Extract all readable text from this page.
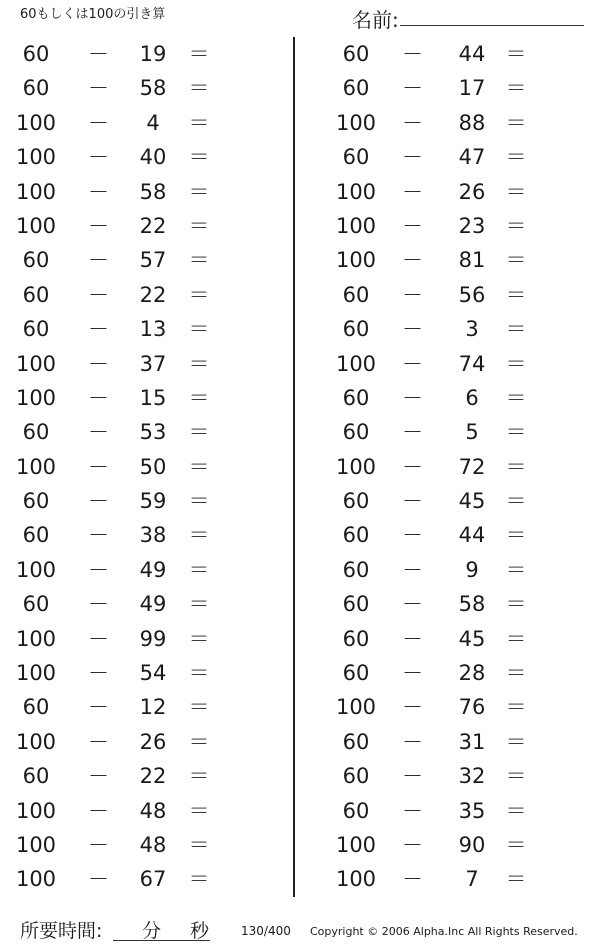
60もしくは100の引き算	名前:
60	－	19	＝
60	－	58	＝
100 －	4	＝
100 －	40	＝
100 －	58	＝
100 －	22	＝
60	－	57	＝
60	－	22	＝
60	－	13	＝
100 －	37	＝
100 －	15	＝
60	－	53	＝
100 －	50	＝
60	－	59	＝
60	－	38	＝
100 －	49	＝
60	－	49	＝
100 －	99	＝
100 －	54	＝
60	－	12	＝
100 －	26	＝
60	－	22	＝
100 －	48	＝
100 －	48	＝
100 －	67	＝
60	－	44 ＝
60	－	17 ＝
100 －	88 ＝
60	－	47 ＝
100 －	26 ＝
100 －	23 ＝
100 －	81 ＝
60	－	56 ＝
60	－	3	＝
100 －	74 ＝
60	－	6	＝
60	－	5	＝
100 －	72 ＝
60	－	45 ＝
60	－	44 ＝
60	－	9	＝
60	－	58 ＝
60	－	45 ＝
60	－	28 ＝
100 －	76 ＝
60	－	31 ＝
60	－	32 ＝
60	－	35 ＝
100 －	90 ＝
100 －	7	＝
所要時間: 分 秒	130/400 Copyright © 2006 Alpha.Inc All Rights Reserved.
